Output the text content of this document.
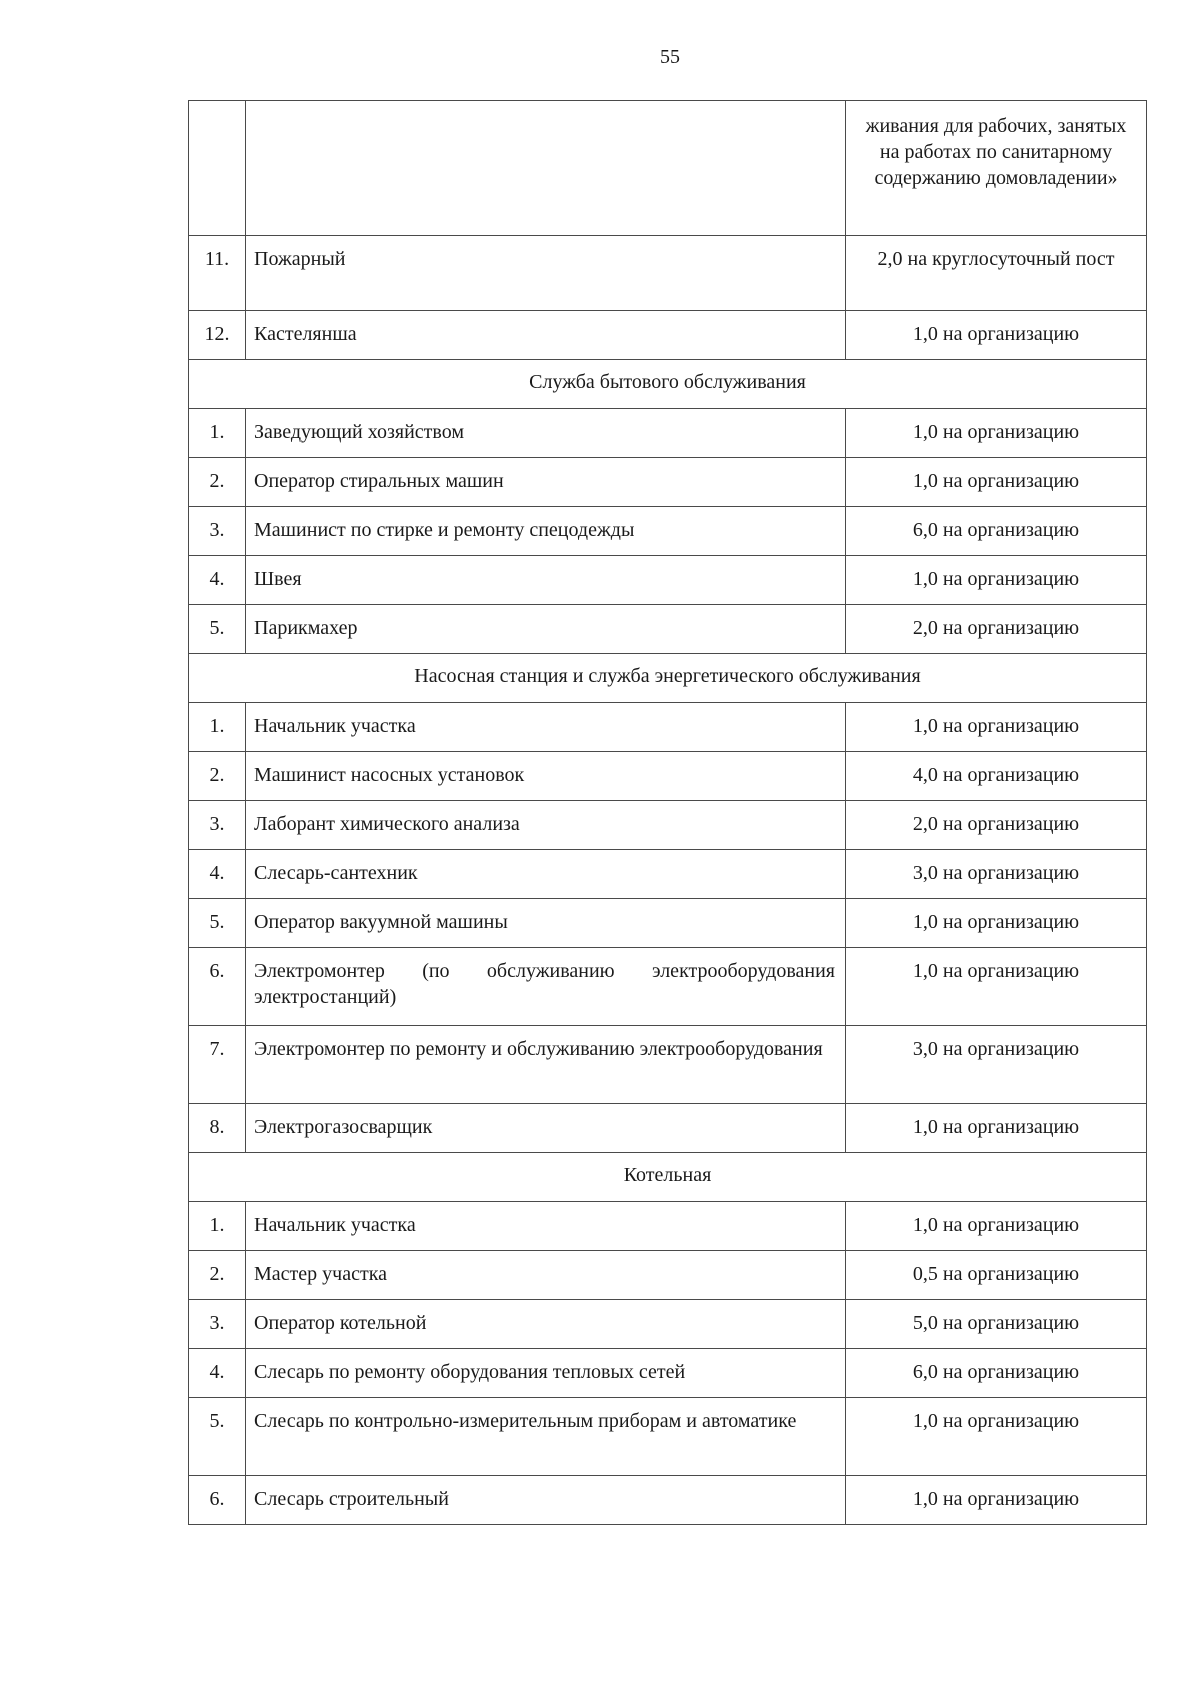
55
		живания для рабочих, занятых на работах по санитарному содержанию домовладении»
11.	Пожарный	2,0 на круглосуточный пост
12.	Кастелянша	1,0 на организацию
Служба бытового обслуживания		
1.	Заведующий хозяйством	1,0 на организацию
2.	Оператор стиральных машин	1,0 на организацию
3.	Машинист по стирке и ремонту спецодежды	6,0 на организацию
4.	Швея	1,0 на организацию
5.	Парикмахер	2,0 на организацию
Насосная станция и служба энергетического обслуживания		
1.	Начальник участка	1,0 на организацию
2.	Машинист насосных установок	4,0 на организацию
3.	Лаборант химического анализа	2,0 на организацию
4.	Слесарь-сантехник	3,0 на организацию
5.	Оператор вакуумной машины	1,0 на организацию
6.	Электромонтер (по обслуживанию электрооборудования электростанций)	1,0 на организацию
7.	Электромонтер по ремонту и обслуживанию электрооборудования	3,0 на организацию
8.	Электрогазосварщик	1,0 на организацию
Котельная		
1.	Начальник участка	1,0 на организацию
2.	Мастер участка	0,5 на организацию
3.	Оператор котельной	5,0 на организацию
4.	Слесарь по ремонту оборудования тепловых сетей	6,0 на организацию
5.	Слесарь по контрольно-измерительным приборам и автоматике	1,0 на организацию
6.	Слесарь строительный	1,0 на организацию
